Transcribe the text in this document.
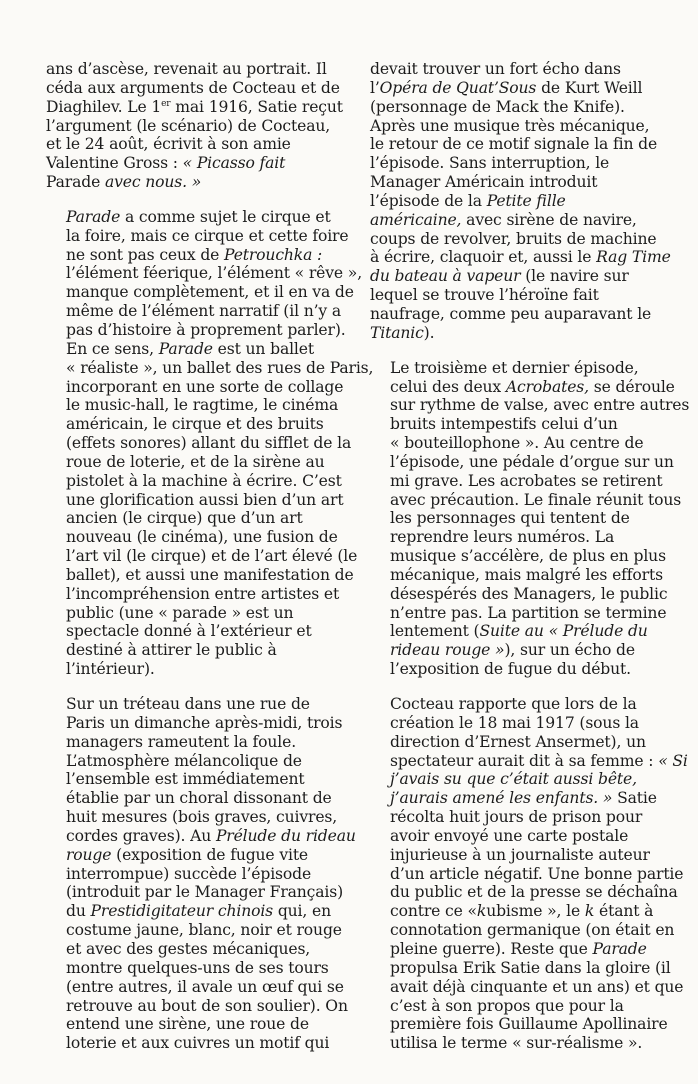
ans d’ascèse, revenait au portrait. Il
céda aux arguments de Cocteau et de
Diaghilev. Le 1er mai 1916, Satie reçut
l’argument (le scénario) de Cocteau,
et le 24 août, écrivit à son amie
Valentine Gross : « Picasso fait
Parade avec nous. »
Parade a comme sujet le cirque et
la foire, mais ce cirque et cette foire
ne sont pas ceux de Petrouchka :
l’élément féerique, l’élément « rêve »,
manque complètement, et il en va de
même de l’élément narratif (il n’y a
pas d’histoire à proprement parler).
En ce sens, Parade est un ballet
« réaliste », un ballet des rues de Paris,
incorporant en une sorte de collage
le music-hall, le ragtime, le cinéma
américain, le cirque et des bruits
(effets sonores) allant du sifflet de la
roue de loterie, et de la sirène au
pistolet à la machine à écrire. C’est
une glorification aussi bien d’un art
ancien (le cirque) que d’un art
nouveau (le cinéma), une fusion de
l’art vil (le cirque) et de l’art élevé (le
ballet), et aussi une manifestation de
l’incompréhension entre artistes et
public (une « parade » est un
spectacle donné à l’extérieur et
destiné à attirer le public à
l’intérieur).
Sur un tréteau dans une rue de
Paris un dimanche après-midi, trois
managers rameutent la foule.
L’atmosphère mélancolique de
l’ensemble est immédiatement
établie par un choral dissonant de
huit mesures (bois graves, cuivres,
cordes graves). Au Prélude du rideau
rouge (exposition de fugue vite
interrompue) succède l’épisode
(introduit par le Manager Français)
du Prestidigitateur chinois qui, en
costume jaune, blanc, noir et rouge
et avec des gestes mécaniques,
montre quelques-uns de ses tours
(entre autres, il avale un œuf qui se
retrouve au bout de son soulier). On
entend une sirène, une roue de
loterie et aux cuivres un motif qui
devait trouver un fort écho dans
l’Opéra de Quat’Sous de Kurt Weill
(personnage de Mack the Knife).
Après une musique très mécanique,
le retour de ce motif signale la fin de
l’épisode. Sans interruption, le
Manager Américain introduit
l’épisode de la Petite fille
américaine, avec sirène de navire,
coups de revolver, bruits de machine
à écrire, claquoir et, aussi le Rag Time
du bateau à vapeur (le navire sur
lequel se trouve l’héroïne fait
naufrage, comme peu auparavant le
Titanic).
Le troisième et dernier épisode,
celui des deux Acrobates, se déroule
sur rythme de valse, avec entre autres
bruits intempestifs celui d’un
« bouteillophone ». Au centre de
l’épisode, une pédale d’orgue sur un
mi grave. Les acrobates se retirent
avec précaution. Le finale réunit tous
les personnages qui tentent de
reprendre leurs numéros. La
musique s’accélère, de plus en plus
mécanique, mais malgré les efforts
désespérés des Managers, le public
n’entre pas. La partition se termine
lentement (Suite au « Prélude du
rideau rouge »), sur un écho de
l’exposition de fugue du début.
Cocteau rapporte que lors de la
création le 18 mai 1917 (sous la
direction d’Ernest Ansermet), un
spectateur aurait dit à sa femme : « Si
j’avais su que c’était aussi bête,
j’aurais amené les enfants. » Satie
récolta huit jours de prison pour
avoir envoyé une carte postale
injurieuse à un journaliste auteur
d’un article négatif. Une bonne partie
du public et de la presse se déchaîna
contre ce «kubisme », le k étant à
connotation germanique (on était en
pleine guerre). Reste que Parade
propulsa Erik Satie dans la gloire (il
avait déjà cinquante et un ans) et que
c’est à son propos que pour la
première fois Guillaume Apollinaire
utilisa le terme « sur-réalisme ».
